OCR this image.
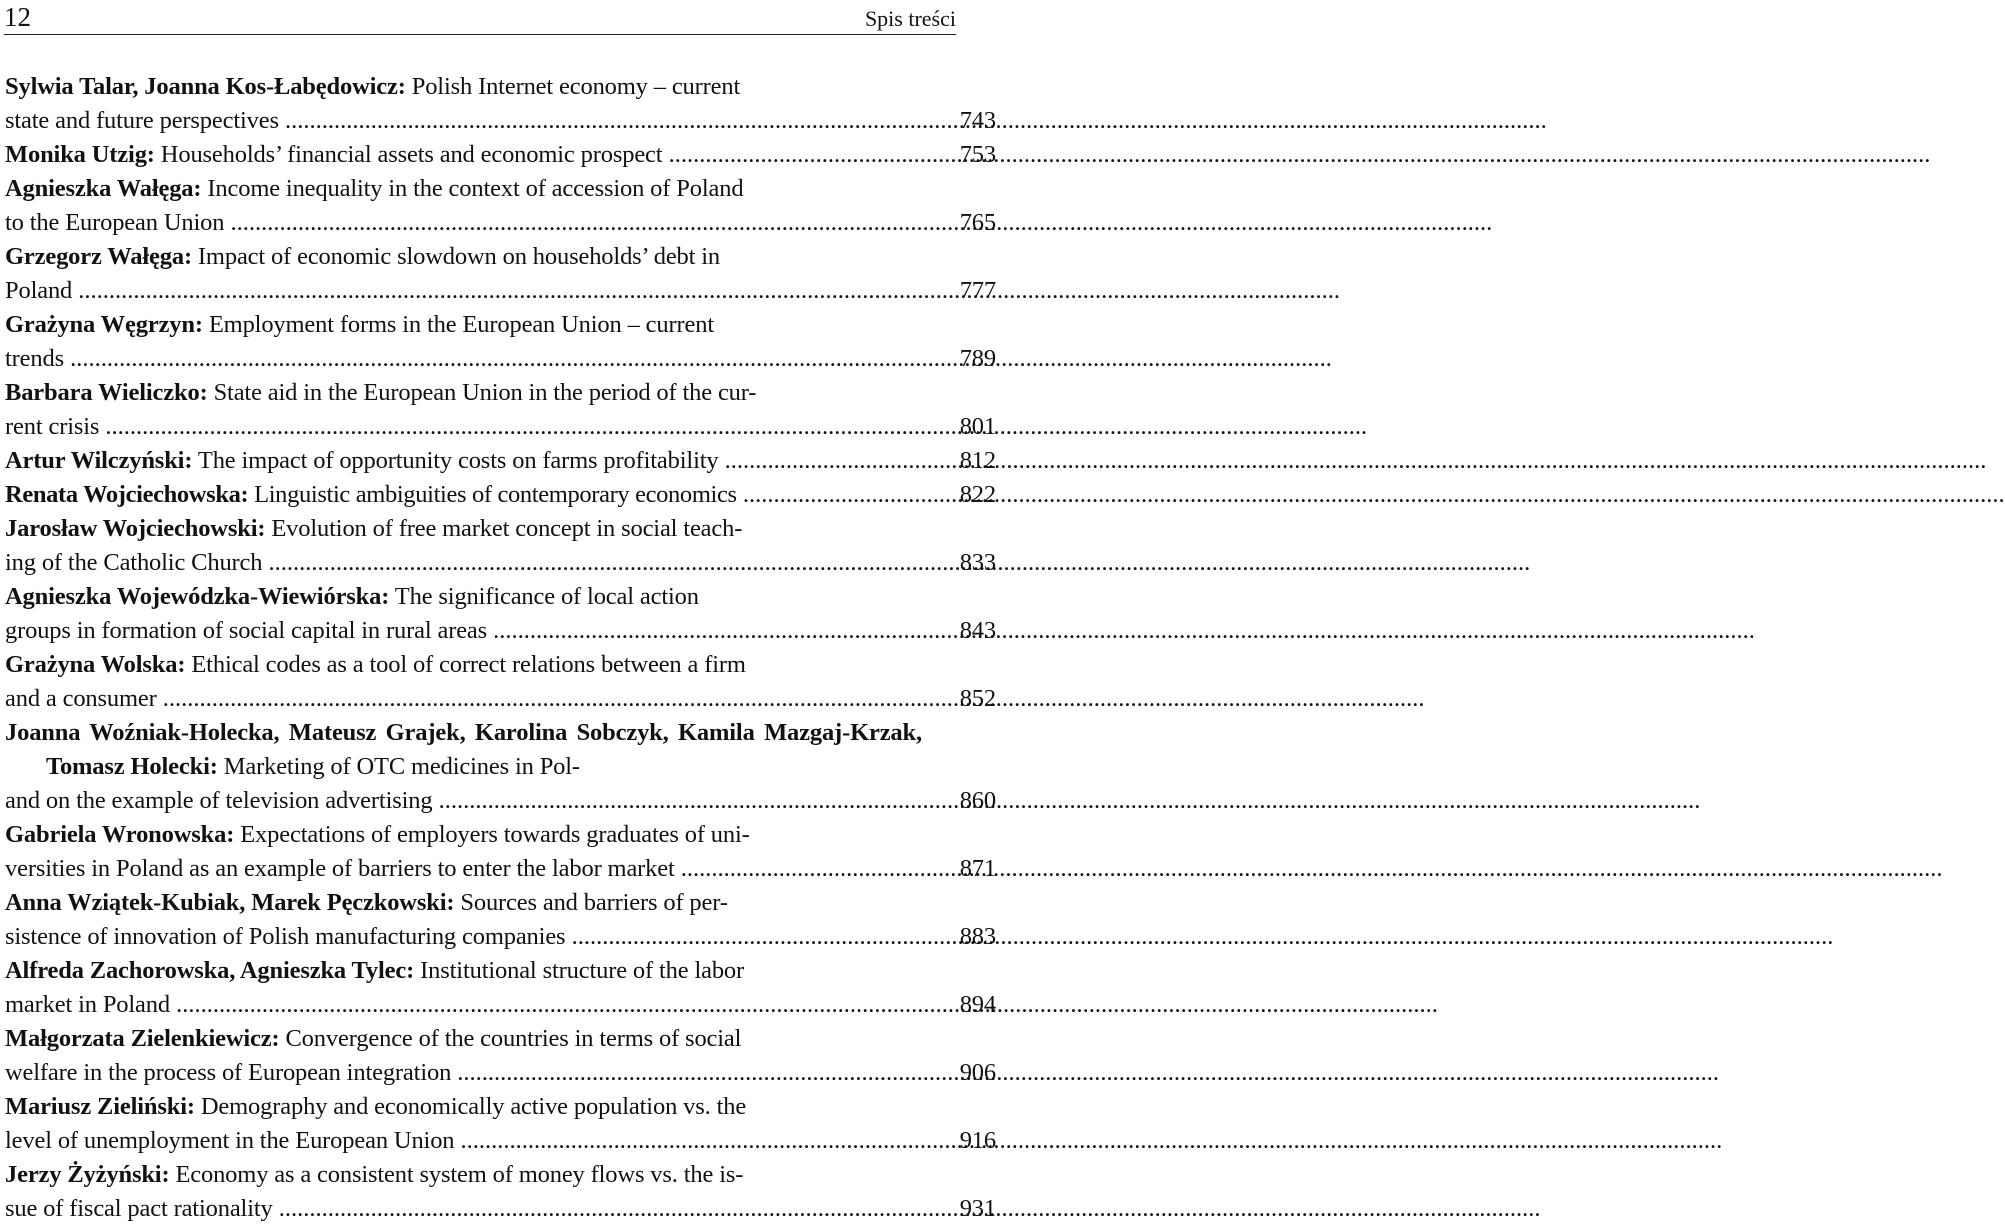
12	Spis treści
Sylwia Talar, Joanna Kos-Łabędowicz: Polish Internet economy – current
state and future perspectives .....	743
Monika Utzig: Households’ financial assets and economic prospect .....	753
Agnieszka Wałęga: Income inequality in the context of accession of Poland
to the European Union .....	765
Grzegorz Wałęga: Impact of economic slowdown on households’ debt in
Poland .....	777
Grażyna Węgrzyn: Employment forms in the European Union – current
trends .....	789
Barbara Wieliczko: State aid in the European Union in the period of the cur-
rent crisis .....	801
Artur Wilczyński: The impact of opportunity costs on farms profitability .....	812
Renata Wojciechowska: Linguistic ambiguities of contemporary economics .....	822
Jarosław Wojciechowski: Evolution of free market concept in social teach-
ing of the Catholic Church .....	833
Agnieszka Wojewódzka-Wiewiórska: The significance of local action
groups in formation of social capital in rural areas .....	843
Grażyna Wolska: Ethical codes as a tool of correct relations between a firm
and a consumer .....	852
Joanna Woźniak-Holecka, Mateusz Grajek, Karolina Sobczyk, Kamila Mazgaj-Krzak, Tomasz Holecki: Marketing of OTC medicines in Pol-
and on the example of television advertising .....	860
Gabriela Wronowska: Expectations of employers towards graduates of uni-
versities in Poland as an example of barriers to enter the labor market .....	871
Anna Wziątek-Kubiak, Marek Pęczkowski: Sources and barriers of per-
sistence of innovation of Polish manufacturing companies .....	883
Alfreda Zachorowska, Agnieszka Tylec: Institutional structure of the labor
market in Poland .....	894
Małgorzata Zielenkiewicz: Convergence of the countries in terms of social
welfare in the process of European integration .....	906
Mariusz Zieliński: Demography and economically active population vs. the
level of unemployment in the European Union .....	916
Jerzy Żyżyński: Economy as a consistent system of money flows vs. the is-
sue of fiscal pact rationality .....	931
